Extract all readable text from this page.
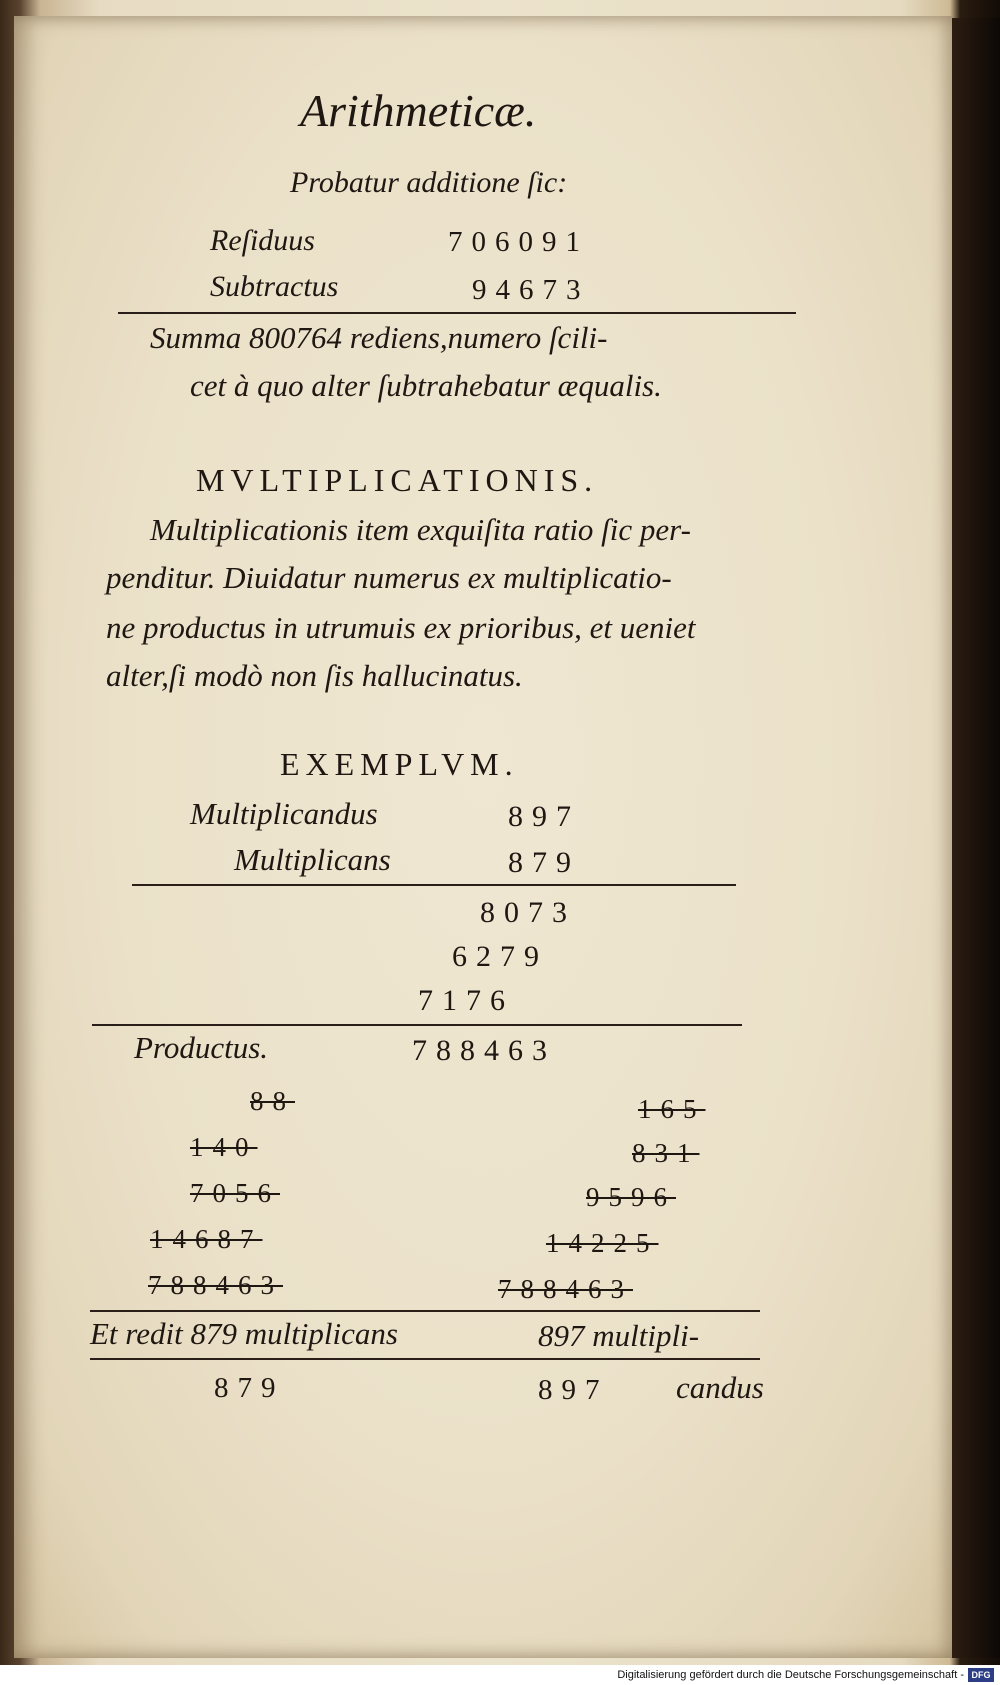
Arithmeticæ.
Probatur additione ſic:
Reſiduus	706091
Subtractus	94673
Summa 800764 rediens,numero ſcili-
cet à quo alter ſubtrahebatur æqualis.
MVLTIPLICATIONIS.
Multiplicationis item exquiſita ratio ſic per-
penditur. Diuidatur numerus ex multiplicatio-
ne productus in utrumuis ex prioribus, et ueniet
alter,ſi modò non ſis hallucinatus.
EXEMPLVM.
Multiplicandus	897
Multiplicans	879
8073
6279
7176
Productus.	788463
88
140
7056
14687
788463
165
831
9596
14225
788463
Et redit 879 multiplicans	897 multipli-
879	897 candus
Digitalisierung gefördert durch die Deutsche Forschungsgemeinschaft - DFG
